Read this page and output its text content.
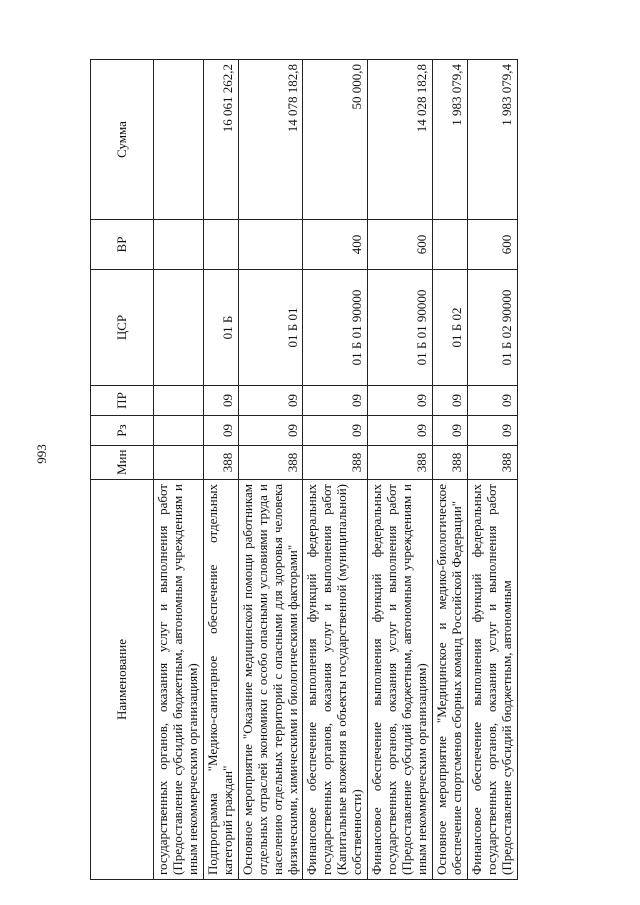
993
Наименование	Мин	Рз	ПР	ЦСР	ВР	Сумма
государственных органов, оказания услуг и выполнения работ (Предоставление субсидий бюджетным, автономным учреждениям и иным некоммерческим организациям)						
Подпрограмма "Медико-санитарное обеспечение отдельных категорий граждан"	388	09	09	01 Б		16 061 262,2
Основное мероприятие "Оказание медицинской помощи работникам отдельных отраслей экономики с особо опасными условиями труда и населению отдельных территорий с опасными для здоровья человека физическими, химическими и биологическими факторами"	388	09	09	01 Б 01		14 078 182,8
Финансовое обеспечение выполнения функций федеральных государственных органов, оказания услуг и выполнения работ (Капитальные вложения в объекты государственной (муниципальной) собственности)	388	09	09	01 Б 01 90000	400	50 000,0
Финансовое обеспечение выполнения функций федеральных государственных органов, оказания услуг и выполнения работ (Предоставление субсидий бюджетным, автономным учреждениям и иным некоммерческим организациям)	388	09	09	01 Б 01 90000	600	14 028 182,8
Основное мероприятие "Медицинское и медико-биологическое обеспечение спортсменов сборных команд Российской Федерации"	388	09	09	01 Б 02		1 983 079,4
Финансовое обеспечение выполнения функций федеральных государственных органов, оказания услуг и выполнения работ (Предоставление субсидий бюджетным, автономным	388	09	09	01 Б 02 90000	600	1 983 079,4
